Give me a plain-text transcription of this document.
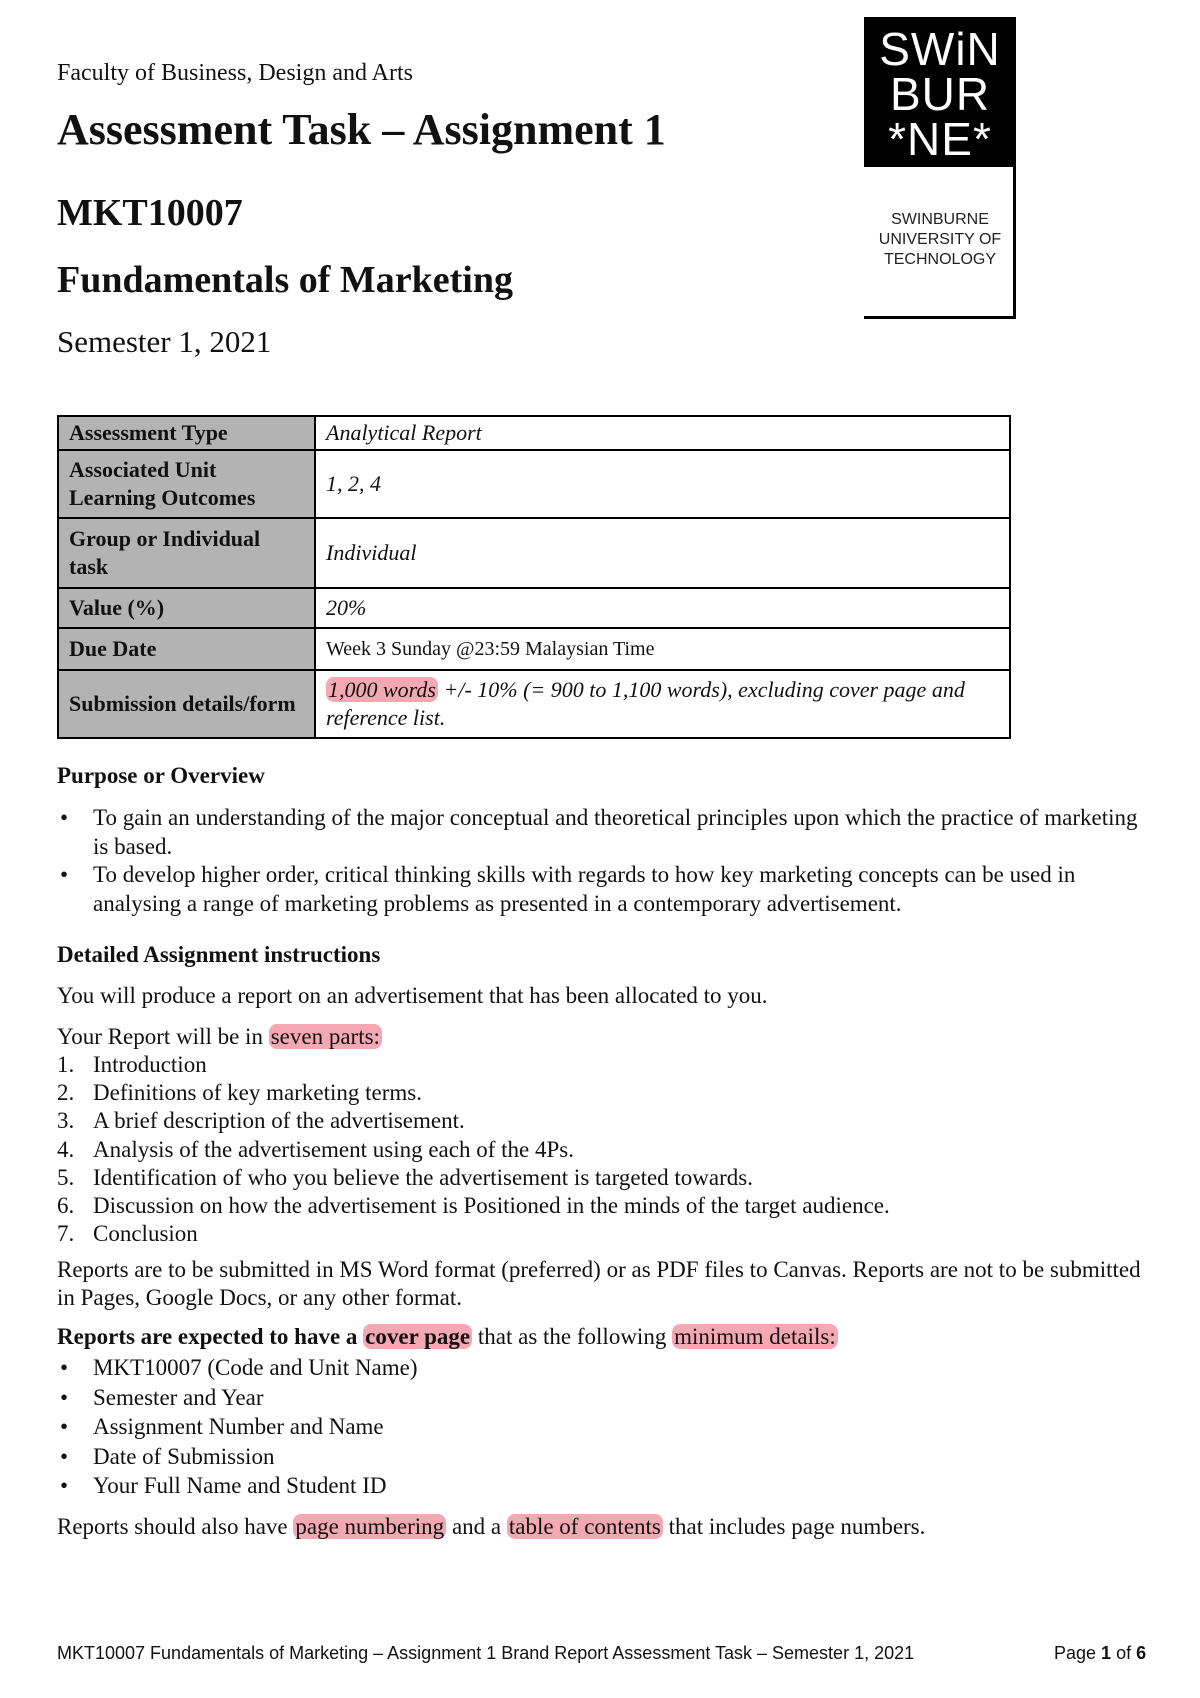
Faculty of Business, Design and Arts
Assessment Task – Assignment 1
MKT10007
Fundamentals of Marketing
Semester 1, 2021
SWiN
BUR
*NE*
SWINBURNE
UNIVERSITY OF
TECHNOLOGY
Assessment Type	Analytical Report
Associated Unit Learning Outcomes	1, 2, 4
Group or Individual task	Individual
Value (%)	20%
Due Date	Week 3 Sunday @23:59 Malaysian Time
Submission details/form	1,000 words +/- 10% (= 900 to 1,100 words), excluding cover page and reference list.
Purpose or Overview
• To gain an understanding of the major conceptual and theoretical principles upon which the practice of marketing is based.
• To develop higher order, critical thinking skills with regards to how key marketing concepts can be used in analysing a range of marketing problems as presented in a contemporary advertisement.
Detailed Assignment instructions
You will produce a report on an advertisement that has been allocated to you.
Your Report will be in seven parts:
1. Introduction
2. Definitions of key marketing terms.
3. A brief description of the advertisement.
4. Analysis of the advertisement using each of the 4Ps.
5. Identification of who you believe the advertisement is targeted towards.
6. Discussion on how the advertisement is Positioned in the minds of the target audience.
7. Conclusion
Reports are to be submitted in MS Word format (preferred) or as PDF files to Canvas. Reports are not to be submitted in Pages, Google Docs, or any other format.
Reports are expected to have a cover page that as the following minimum details:
• MKT10007 (Code and Unit Name)
• Semester and Year
• Assignment Number and Name
• Date of Submission
• Your Full Name and Student ID
Reports should also have page numbering and a table of contents that includes page numbers.
MKT10007 Fundamentals of Marketing – Assignment 1 Brand Report Assessment Task – Semester 1, 2021	Page 1 of 6
